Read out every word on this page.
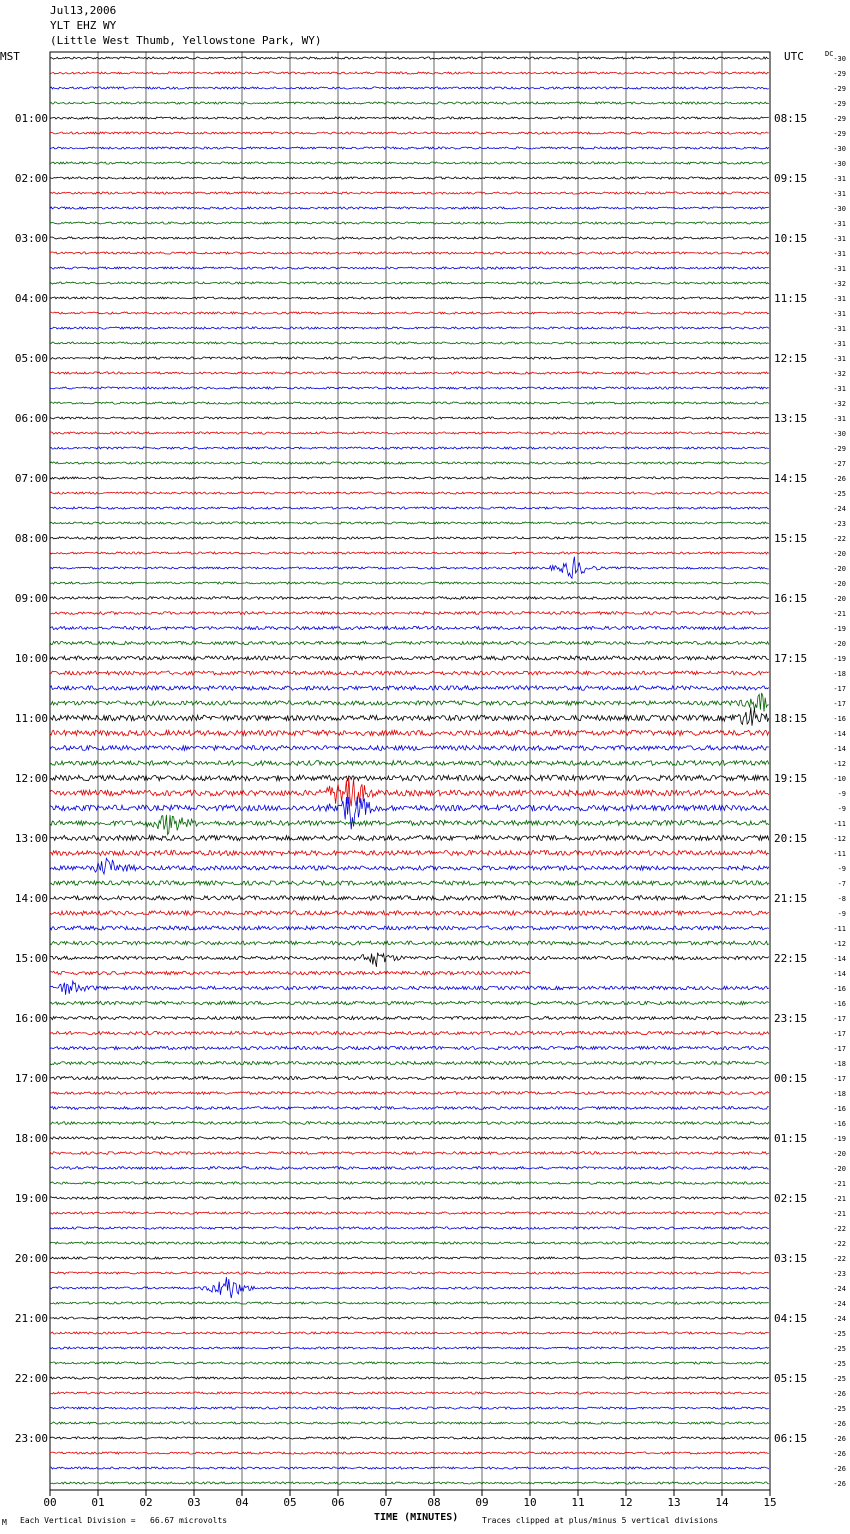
Jul13,2006
YLT EHZ WY
(Little West Thumb, Yellowstone Park, WY)
00	01	02	03	04	05	06	07	08	09	10	11	12	13	14	15
-30
-29
-29
-29
-29
01:00	08:15
-29
-30
-30
-31
02:00	09:15
-31
-30
-31
-31
03:00	10:15
-31
-31
-32
-31
04:00	11:15
-31
-31
-31
-31
05:00	12:15
-32
-31
-32
-31
06:00	13:15
-30
-29
-27
-26
07:00	14:15
-25
-24
-23
-22
08:00	15:15
-20
-20
-20
-20
09:00	16:15
-21
-19
-20
-19
10:00	17:15
-18
-17
-17
-16
11:00	18:15
-14
-14
-12
-10
12:00	19:15
-9
-9
-11
-12
13:00	20:15
-11
-9
-7
-8
14:00	21:15
-9
-11
-12
-14
15:00	22:15
-14
-16
-16
-17
16:00	23:15
-17
-17
-18
-17
17:00	00:15
-18
-16
-16
-19
18:00	01:15
-20
-20
-21
-21
19:00	02:15
-21
-22
-22
-22
20:00	03:15
-23
-24
-24
-24
21:00	04:15
-25
-25
-25
-25
22:00	05:15
-26
-25
-26
-26
23:00	06:15
-26
-26
-26
MST	UTC	DC
M Each Vertical Division =   66.67 microvolts	TIME (MINUTES)	Traces clipped at plus/minus 5 vertical divisions
